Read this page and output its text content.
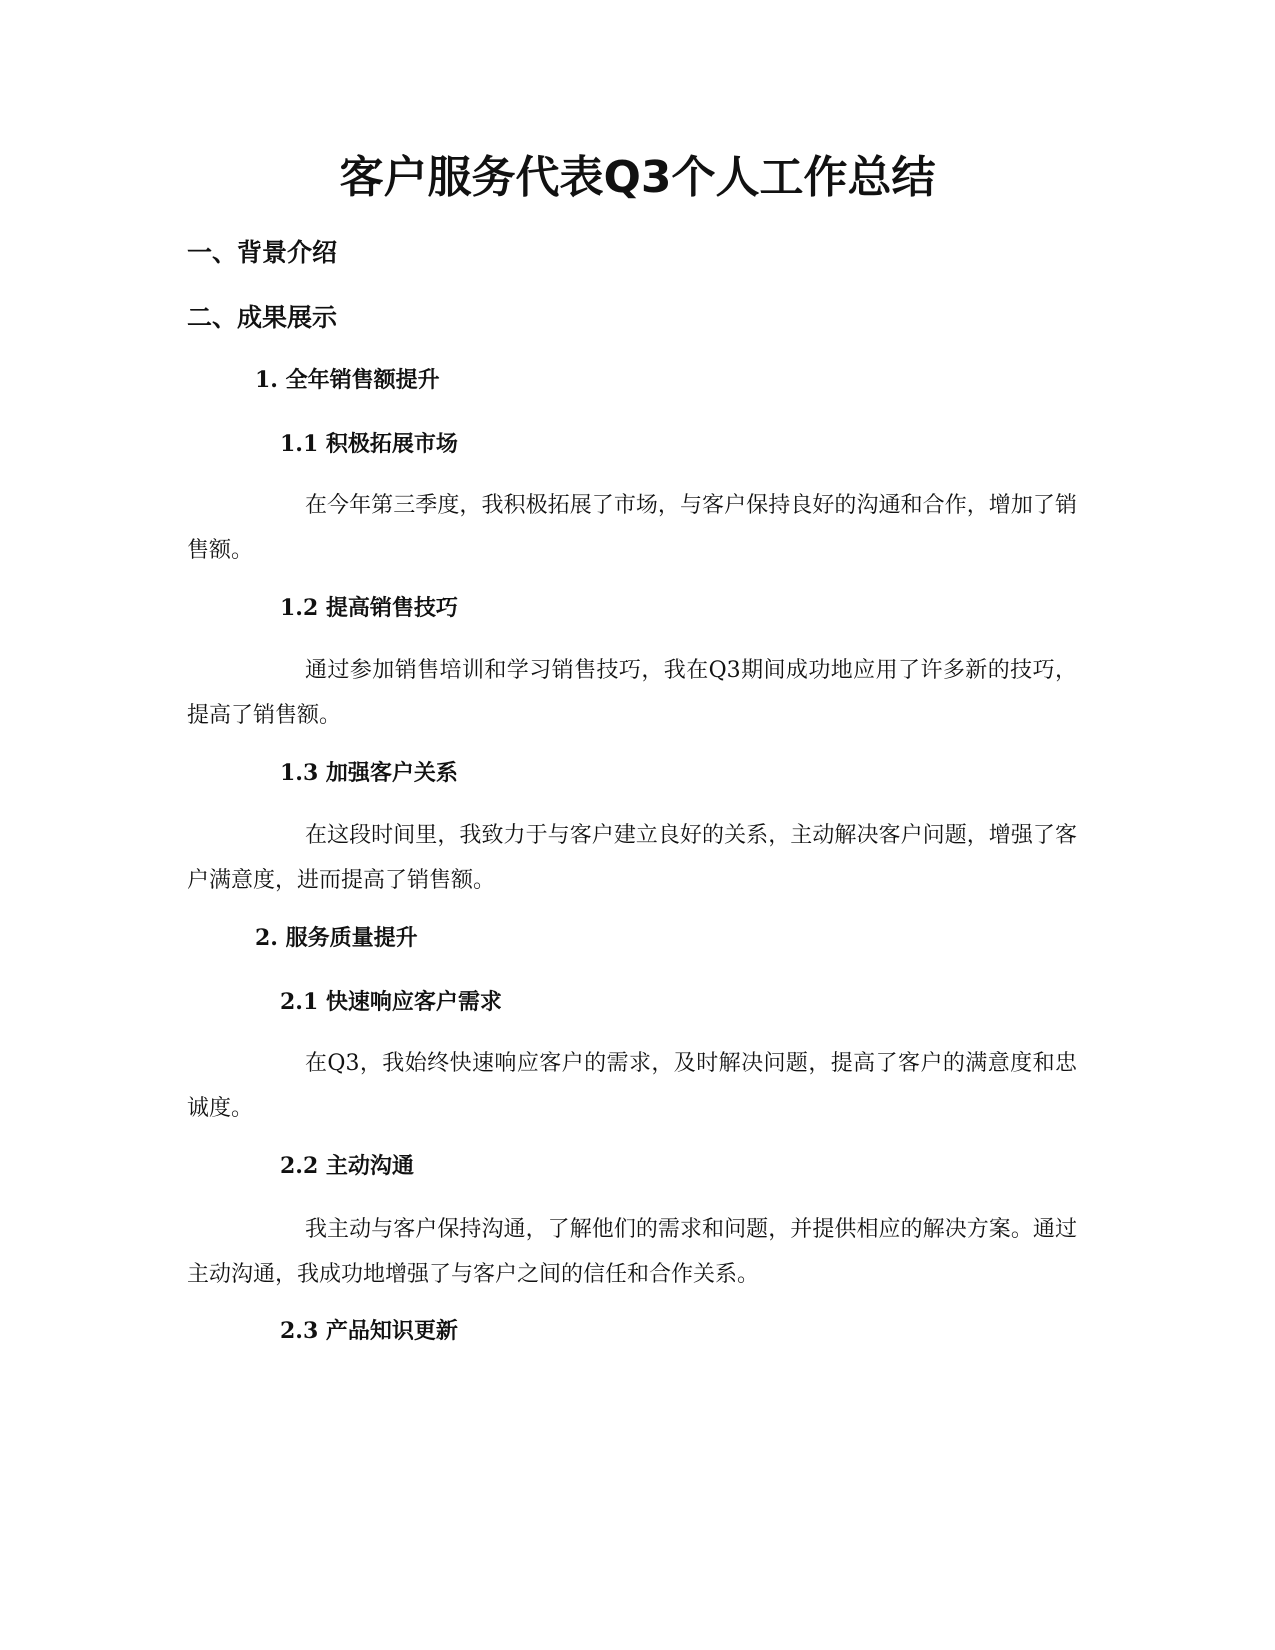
客户服务代表Q3个人工作总结
一、背景介绍
二、成果展示
1. 全年销售额提升
1.1 积极拓展市场

在今年第三季度，我积极拓展了市场，与客户保持良好的沟通和合作，增加了销售额。

1.2 提高销售技巧

通过参加销售培训和学习销售技巧，我在Q3期间成功地应用了许多新的技巧，提高了销售额。

1.3 加强客户关系

在这段时间里，我致力于与客户建立良好的关系，主动解决客户问题，增强了客户满意度，进而提高了销售额。

2. 服务质量提升
2.1 快速响应客户需求

在Q3，我始终快速响应客户的需求，及时解决问题，提高了客户的满意度和忠诚度。

2.2 主动沟通

我主动与客户保持沟通，了解他们的需求和问题，并提供相应的解决方案。通过主动沟通，我成功地增强了与客户之间的信任和合作关系。

2.3 产品知识更新
